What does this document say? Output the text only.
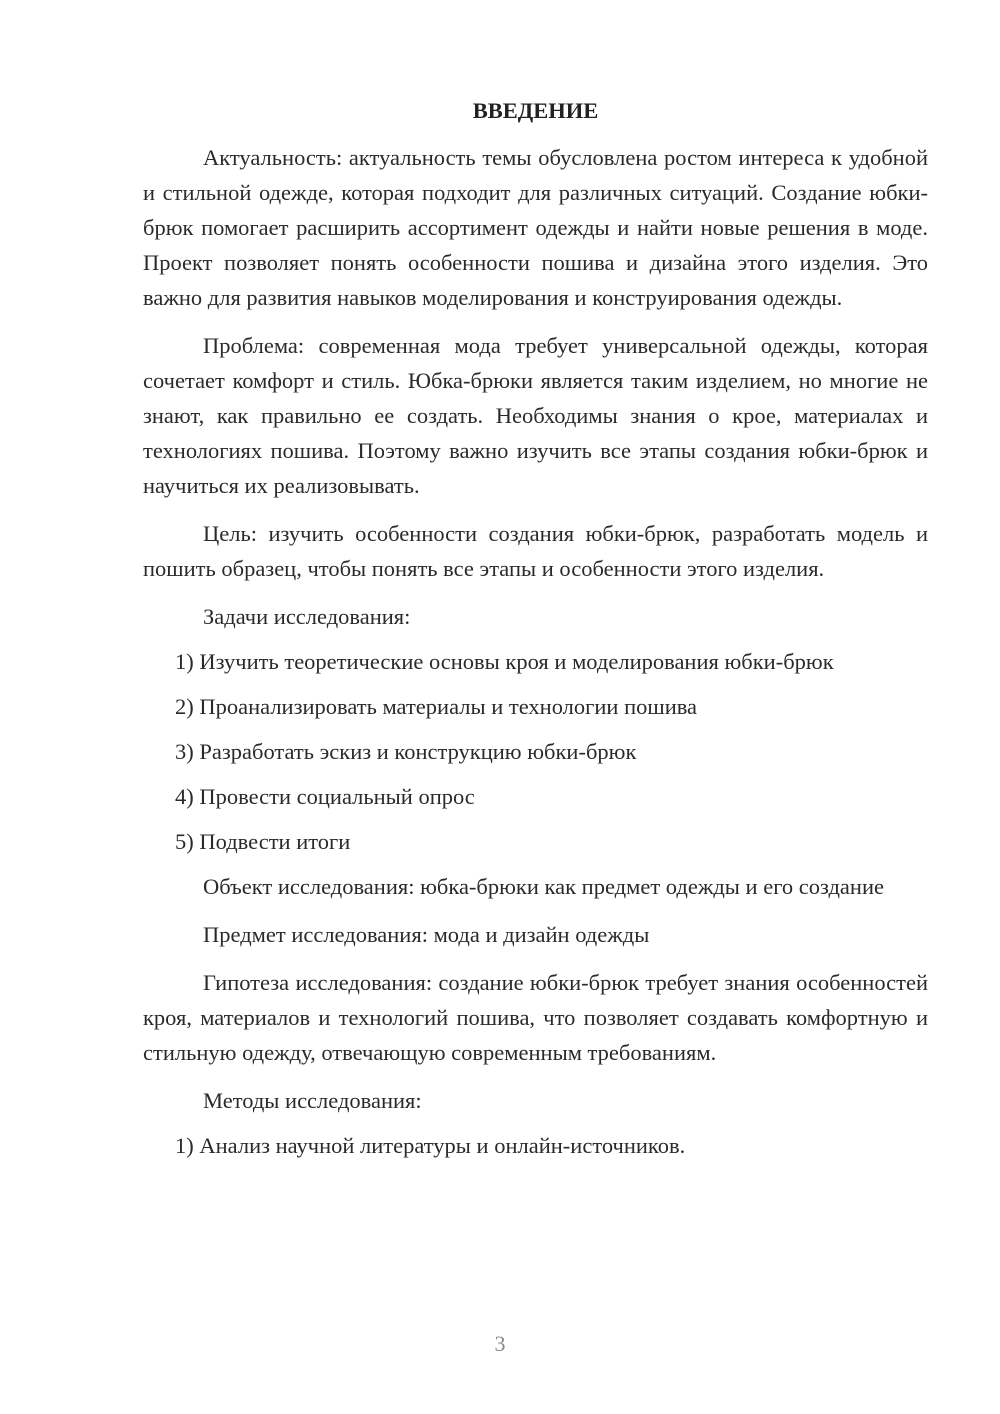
ВВЕДЕНИЕ
Актуальность: актуальность темы обусловлена ростом интереса к удобной и стильной одежде, которая подходит для различных ситуаций. Создание юбки-брюк помогает расширить ассортимент одежды и найти новые решения в моде. Проект позволяет понять особенности пошива и дизайна этого изделия. Это важно для развития навыков моделирования и конструирования одежды.
Проблема: современная мода требует универсальной одежды, которая сочетает комфорт и стиль. Юбка-брюки является таким изделием, но многие не знают, как правильно ее создать. Необходимы знания о крое, материалах и технологиях пошива. Поэтому важно изучить все этапы создания юбки-брюк и научиться их реализовывать.
Цель: изучить особенности создания юбки-брюк, разработать модель и пошить образец, чтобы понять все этапы и особенности этого изделия.
Задачи исследования:
1) Изучить теоретические основы кроя и моделирования юбки-брюк
2) Проанализировать материалы и технологии пошива
3) Разработать эскиз и конструкцию юбки-брюк
4) Провести социальный опрос
5) Подвести итоги
Объект исследования: юбка-брюки как предмет одежды и его создание
Предмет исследования: мода и дизайн одежды
Гипотеза исследования: создание юбки-брюк требует знания особенностей кроя, материалов и технологий пошива, что позволяет создавать комфортную и стильную одежду, отвечающую современным требованиям.
Методы исследования:
1) Анализ научной литературы и онлайн-источников.
3
